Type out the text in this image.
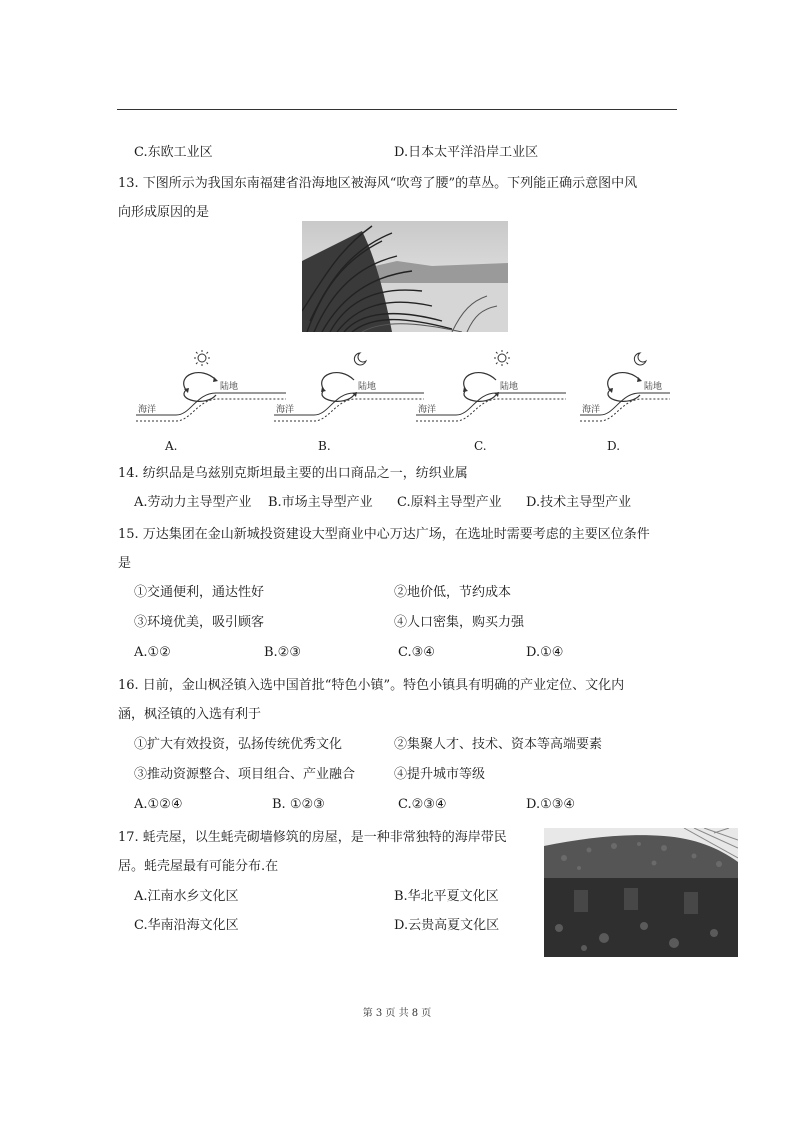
C.东欧工业区	D.日本太平洋沿岸工业区
13. 下图所示为我国东南福建省沿海地区被海风“吹弯了腰”的草丛。下列能正确示意图中风
向形成原因的是
海洋
陆地
A.
海洋
陆地
B.
海洋
陆地
C.
海洋
陆地
D.
14. 纺织品是乌兹别克斯坦最主要的出口商品之一，纺织业属
A.劳动力主导型产业 B.市场主导型产业 C.原料主导型产业 D.技术主导型产业
15. 万达集团在金山新城投资建设大型商业中心万达广场，在选址时需要考虑的主要区位条件
是
①交通便利，通达性好	②地价低，节约成本
③环境优美，吸引顾客	④人口密集，购买力强
A.①②	B.②③	C.③④	D.①④
16. 日前，金山枫泾镇入选中国首批“特色小镇”。特色小镇具有明确的产业定位、文化内
涵，枫泾镇的入选有利于
①扩大有效投资，弘扬传统优秀文化	②集聚人才、技术、资本等高端要素
③推动资源整合、项目组合、产业融合	④提升城市等级
A.①②④	B. ①②③	C.②③④	D.①③④
17. 蚝壳屋，以生蚝壳砌墙修筑的房屋，是一种非常独特的海岸带民
居。蚝壳屋最有可能分布.在
A.江南水乡文化区	B.华北平夏文化区
C.华南沿海文化区	D.云贵高夏文化区
第 3 页 共 8 页
